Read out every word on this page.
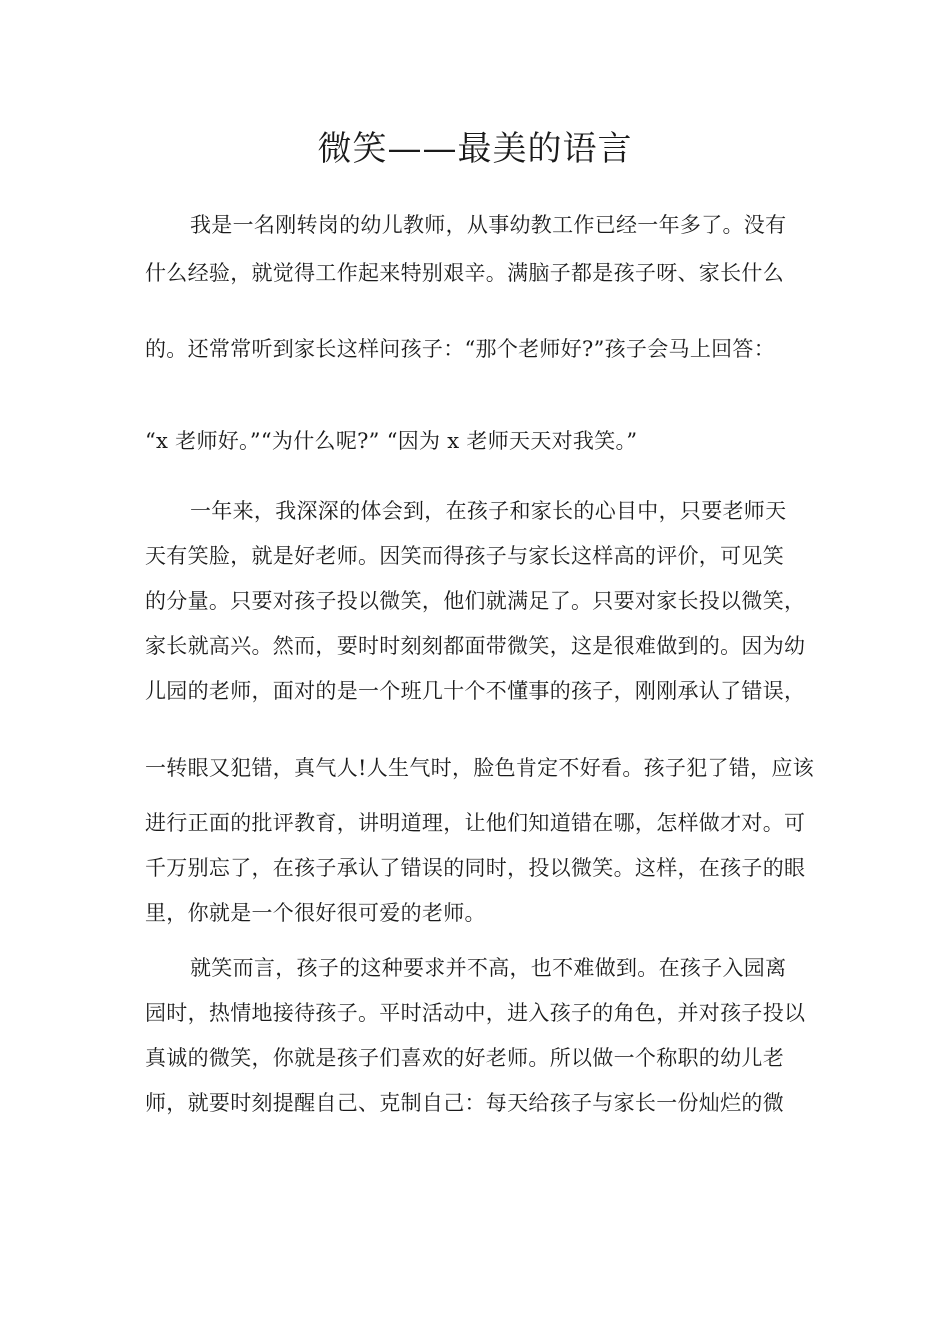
微笑——最美的语言
我是一名刚转岗的幼儿教师，从事幼教工作已经一年多了。没有
什么经验，就觉得工作起来特别艰辛。满脑子都是孩子呀、家长什么
的。还常常听到家长这样问孩子：“那个老师好?”孩子会马上回答：
“x 老师好。”“为什么呢?” “因为 x 老师天天对我笑。”
一年来，我深深的体会到，在孩子和家长的心目中，只要老师天
天有笑脸，就是好老师。因笑而得孩子与家长这样高的评价，可见笑
的分量。只要对孩子投以微笑，他们就满足了。只要对家长投以微笑，
家长就高兴。然而，要时时刻刻都面带微笑，这是很难做到的。因为幼
儿园的老师，面对的是一个班几十个不懂事的孩子，刚刚承认了错误，
一转眼又犯错，真气人!人生气时，脸色肯定不好看。孩子犯了错，应该
进行正面的批评教育，讲明道理，让他们知道错在哪，怎样做才对。可
千万别忘了，在孩子承认了错误的同时，投以微笑。这样，在孩子的眼
里，你就是一个很好很可爱的老师。
就笑而言，孩子的这种要求并不高，也不难做到。在孩子入园离
园时，热情地接待孩子。平时活动中，进入孩子的角色，并对孩子投以
真诚的微笑，你就是孩子们喜欢的好老师。所以做一个称职的幼儿老
师，就要时刻提醒自己、克制自己：每天给孩子与家长一份灿烂的微
